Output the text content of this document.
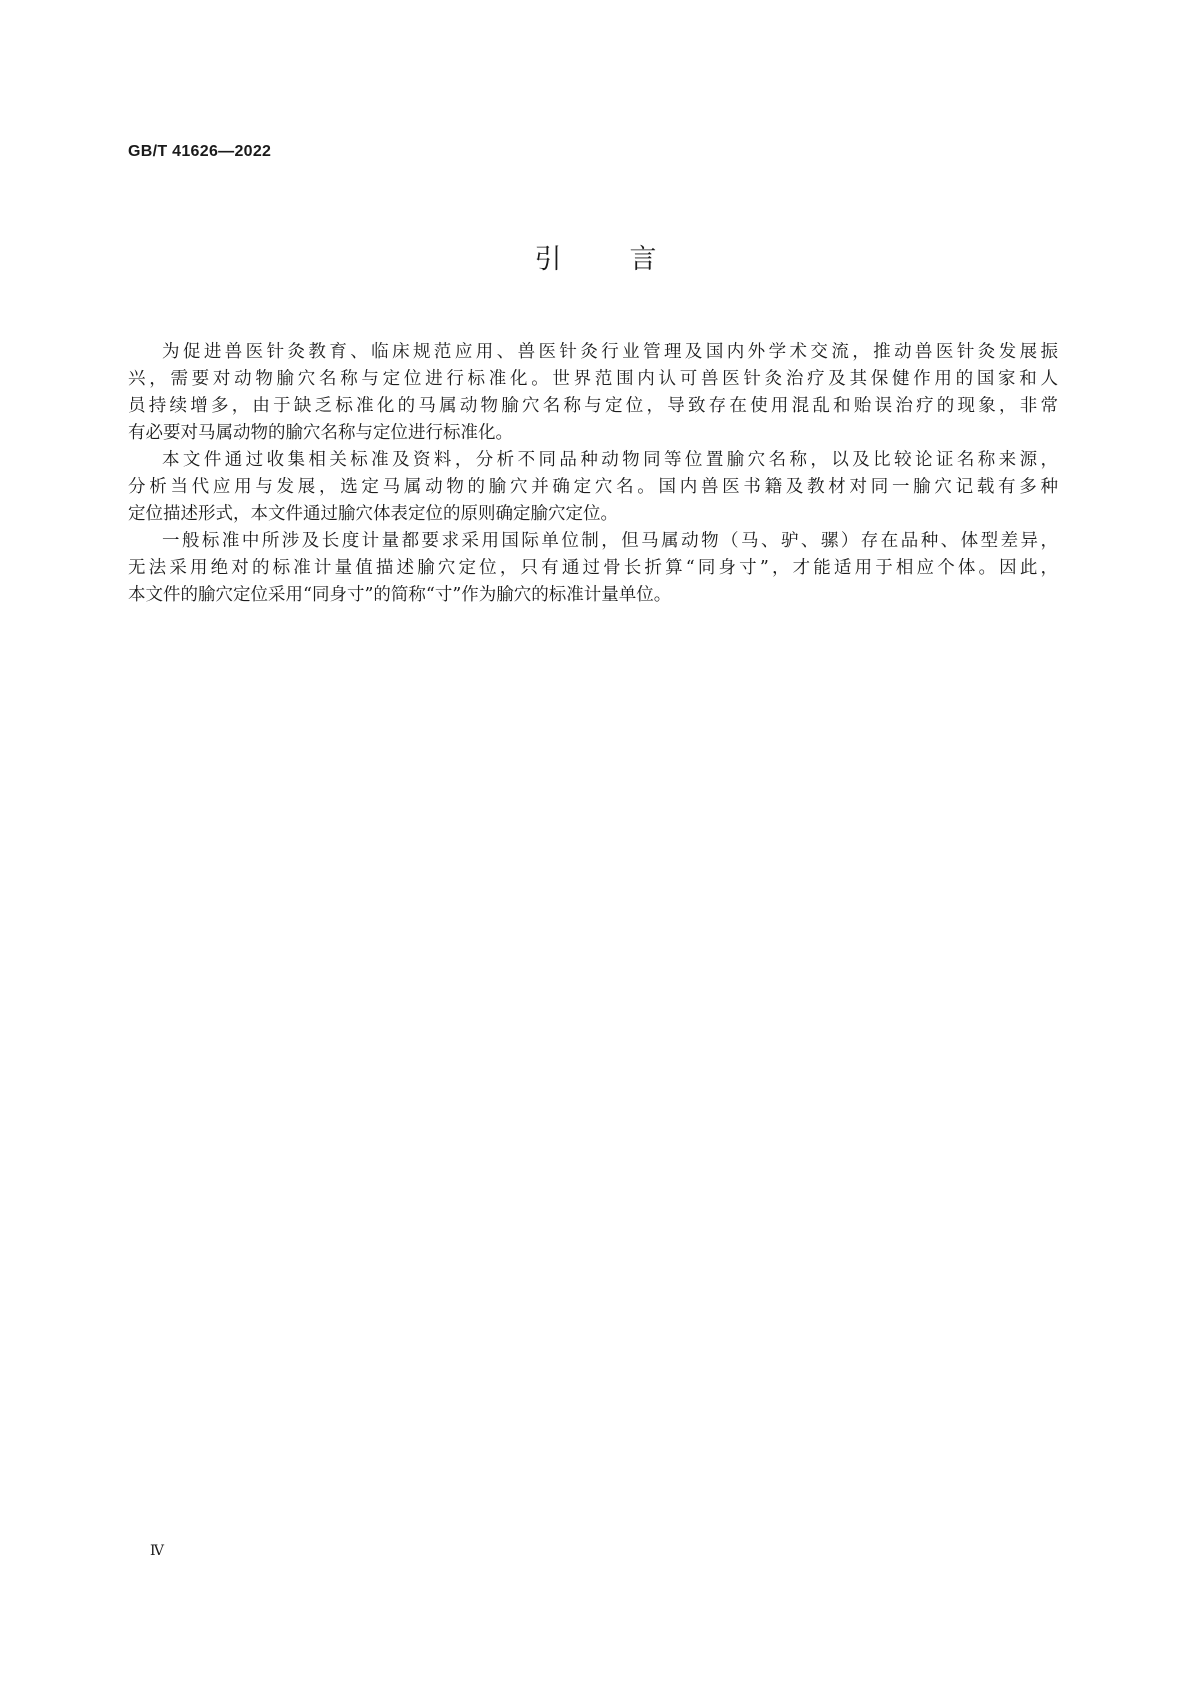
GB/T 41626—2022
引	言
为促进兽医针灸教育、临床规范应用、兽医针灸行业管理及国内外学术交流，推动兽医针灸发展振
兴，需要对动物腧穴名称与定位进行标准化。世界范围内认可兽医针灸治疗及其保健作用的国家和人
员持续增多，由于缺乏标准化的马属动物腧穴名称与定位，导致存在使用混乱和贻误治疗的现象，非常
有必要对马属动物的腧穴名称与定位进行标准化。
本文件通过收集相关标准及资料，分析不同品种动物同等位置腧穴名称，以及比较论证名称来源，
分析当代应用与发展，选定马属动物的腧穴并确定穴名。国内兽医书籍及教材对同一腧穴记载有多种
定位描述形式，本文件通过腧穴体表定位的原则确定腧穴定位。
一般标准中所涉及长度计量都要求采用国际单位制，但马属动物（马、驴、骡）存在品种、体型差异，
无法采用绝对的标准计量值描述腧穴定位，只有通过骨长折算“同身寸”，才能适用于相应个体。因此，
本文件的腧穴定位采用“同身寸”的简称“寸”作为腧穴的标准计量单位。
Ⅳ
